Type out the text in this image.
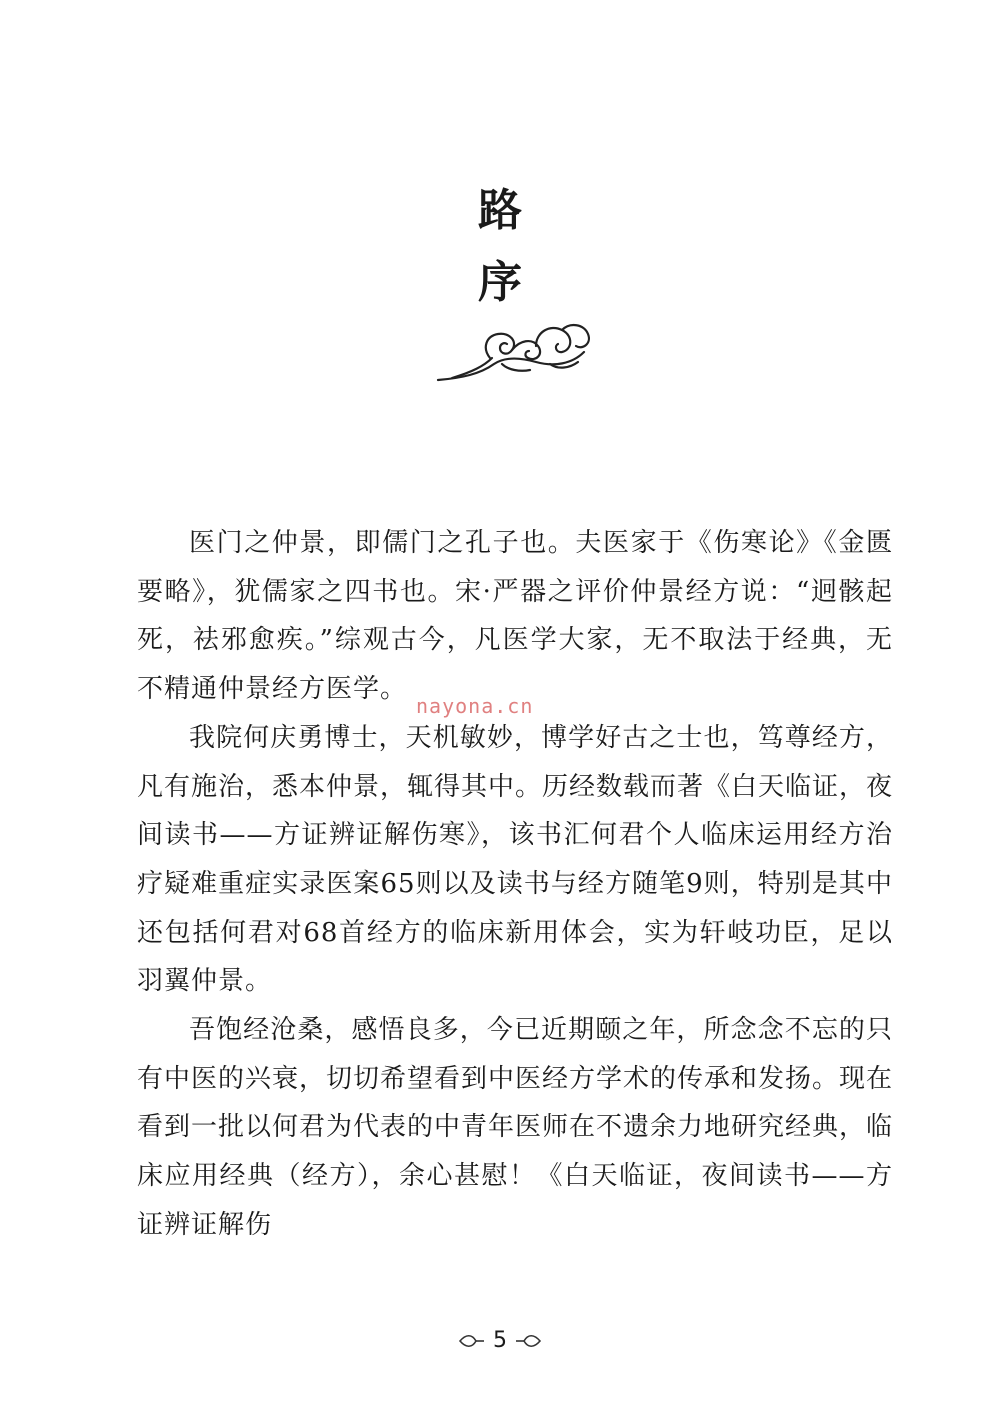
路
序

医门之仲景，即儒门之孔子也。夫医家于《伤寒论》《金匮要略》，犹儒家之四书也。宋·严器之评价仲景经方说：“迥骸起死，祛邪愈疾。”综观古今，凡医学大家，无不取法于经典，无不精通仲景经方医学。

我院何庆勇博士，天机敏妙，博学好古之士也，笃尊经方，凡有施治，悉本仲景，辄得其中。历经数载而著《白天临证，夜间读书——方证辨证解伤寒》，该书汇何君个人临床运用经方治疗疑难重症实录医案65则以及读书与经方随笔9则，特别是其中还包括何君对68首经方的临床新用体会，实为轩岐功臣，足以羽翼仲景。

吾饱经沧桑，感悟良多，今已近期颐之年，所念念不忘的只有中医的兴衰，切切希望看到中医经方学术的传承和发扬。现在看到一批以何君为代表的中青年医师在不遗余力地研究经典，临床应用经典（经方），余心甚慰！《白天临证，夜间读书——方证辨证解伤

nayona.cn
5
